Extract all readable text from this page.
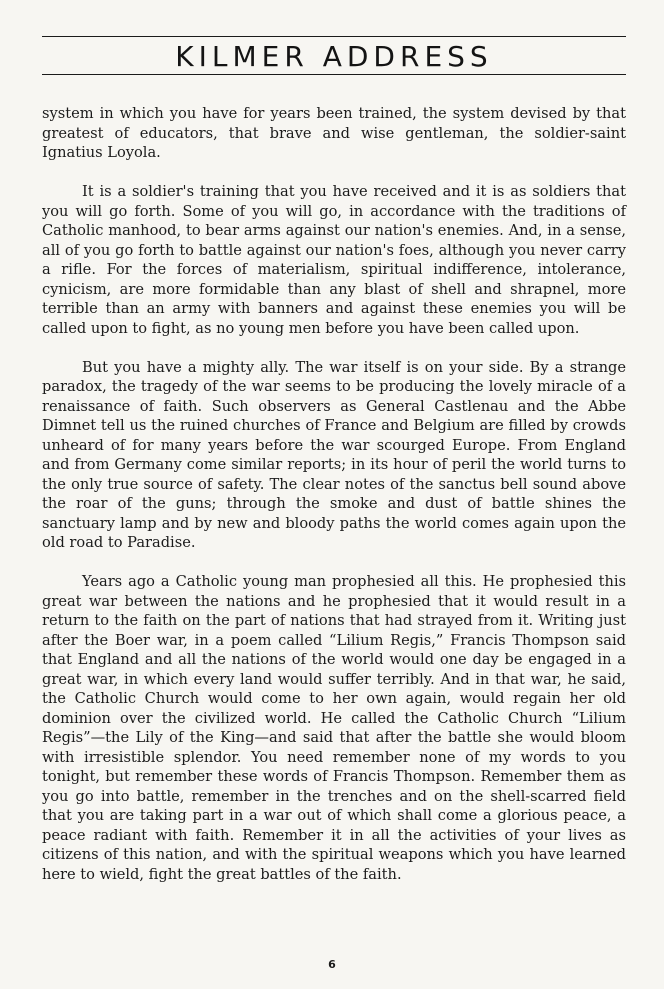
KILMER ADDRESS

system in which you have for years been trained, the system devised by that greatest of educators, that brave and wise gentleman, the soldier-saint Ignatius Loyola.

It is a soldier's training that you have received and it is as soldiers that you will go forth. Some of you will go, in accordance with the traditions of Catholic manhood, to bear arms against our nation's enemies. And, in a sense, all of you go forth to battle against our nation's foes, although you never carry a rifle. For the forces of materialism, spiritual indifference, intolerance, cynicism, are more formidable than any blast of shell and shrapnel, more terrible than an army with banners and against these enemies you will be called upon to fight, as no young men before you have been called upon.

But you have a mighty ally. The war itself is on your side. By a strange paradox, the tragedy of the war seems to be producing the lovely miracle of a renaissance of faith. Such observers as General Castlenau and the Abbe Dimnet tell us the ruined churches of France and Belgium are filled by crowds unheard of for many years before the war scourged Europe. From England and from Germany come similar reports; in its hour of peril the world turns to the only true source of safety. The clear notes of the sanctus bell sound above the roar of the guns; through the smoke and dust of battle shines the sanctuary lamp and by new and bloody paths the world comes again upon the old road to Paradise.

Years ago a Catholic young man prophesied all this. He prophesied this great war between the nations and he prophesied that it would result in a return to the faith on the part of nations that had strayed from it. Writing just after the Boer war, in a poem called “Lilium Regis,” Francis Thompson said that England and all the nations of the world would one day be engaged in a great war, in which every land would suffer terribly. And in that war, he said, the Catholic Church would come to her own again, would regain her old dominion over the civilized world. He called the Catholic Church “Lilium Regis”—the Lily of the King—and said that after the battle she would bloom with irresistible splendor. You need remember none of my words to you tonight, but remember these words of Francis Thompson. Remember them as you go into battle, remember in the trenches and on the shell-scarred field that you are taking part in a war out of which shall come a glorious peace, a peace radiant with faith. Remember it in all the activities of your lives as citizens of this nation, and with the spiritual weapons which you have learned here to wield, fight the great battles of the faith.

6
